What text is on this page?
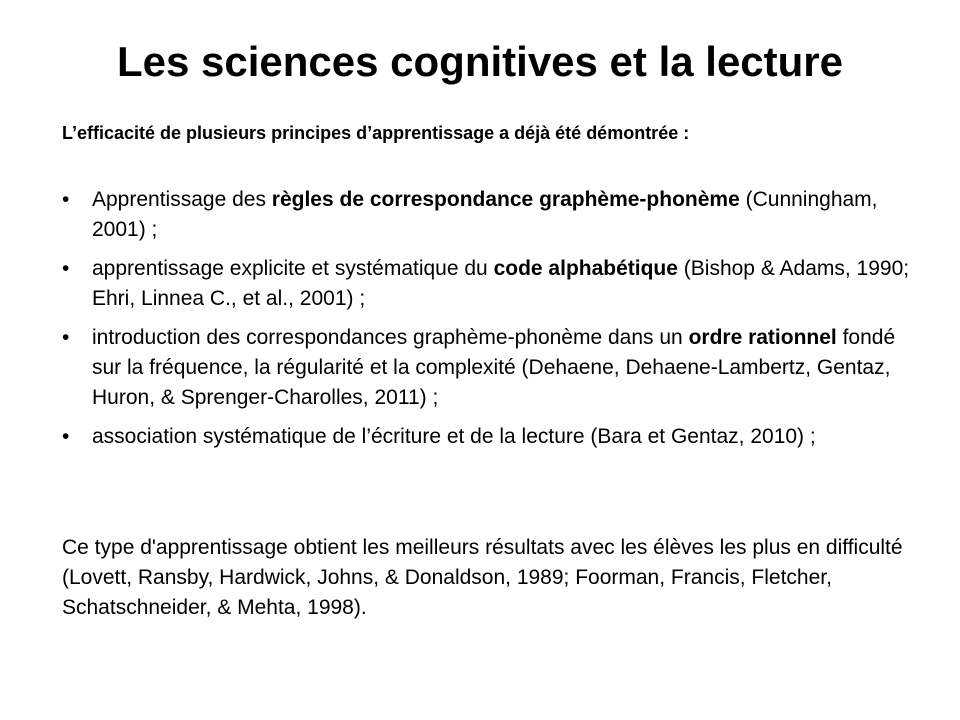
Les sciences cognitives et la lecture
L’efficacité de plusieurs principes d’apprentissage a déjà été démontrée :
•
Apprentissage des règles de correspondance graphème-phonème (Cunningham, 2001) ;
•
apprentissage explicite et systématique du code alphabétique (Bishop & Adams, 1990; Ehri, Linnea C., et al., 2001) ;
•
introduction des correspondances graphème-phonème dans un ordre rationnel fondé sur la fréquence, la régularité et la complexité (Dehaene, Dehaene-Lambertz, Gentaz, Huron, & Sprenger-Charolles, 2011) ;
•
association systématique de l’écriture et de la lecture (Bara et Gentaz, 2010) ;
Ce type d'apprentissage obtient les meilleurs résultats avec les élèves les plus en difficulté (Lovett, Ransby, Hardwick, Johns, & Donaldson, 1989; Foorman, Francis, Fletcher, Schatschneider, & Mehta, 1998).
